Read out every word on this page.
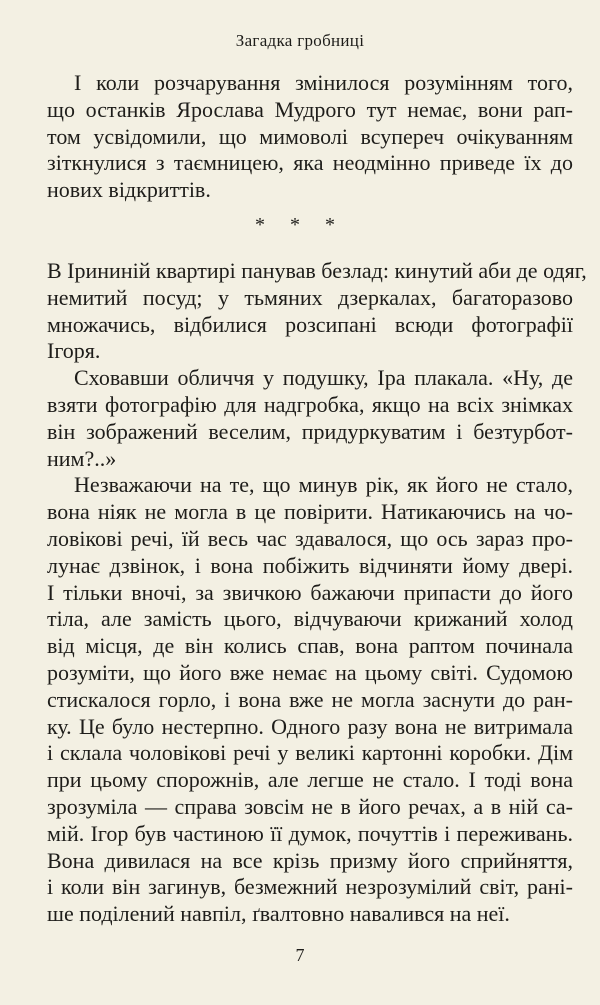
Загадка гробниці
І коли розчарування змінилося розумінням того,
що останків Ярослава Мудрого тут немає, вони рап-
том усвідомили, що мимоволі всупереч очікуванням
зіткнулися з таємницею, яка неодмінно приведе їх до
нових відкриттів.
* * *
В Ірининій квартирі панував безлад: кинутий аби де одяг,
немитий посуд; у тьмяних дзеркалах, багаторазово
множачись, відбилися розсипані всюди фотографії
Ігоря.
Сховавши обличчя у подушку, Іра плакала. «Ну, де
взяти фотографію для надгробка, якщо на всіх знімках
він зображений веселим, придуркуватим і безтурбот-
ним?..»
Незважаючи на те, що минув рік, як його не стало,
вона ніяк не могла в це повірити. Натикаючись на чо-
ловікові речі, їй весь час здавалося, що ось зараз про-
лунає дзвінок, і вона побіжить відчиняти йому двері.
І тільки вночі, за звичкою бажаючи припасти до його
тіла, але замість цього, відчуваючи крижаний холод
від місця, де він колись спав, вона раптом починала
розуміти, що його вже немає на цьому світі. Судомою
стискалося горло, і вона вже не могла заснути до ран-
ку. Це було нестерпно. Одного разу вона не витримала
і склала чоловікові речі у великі картонні коробки. Дім
при цьому спорожнів, але легше не стало. І тоді вона
зрозуміла — справа зовсім не в його речах, а в ній са-
мій. Ігор був частиною її думок, почуттів і переживань.
Вона дивилася на все крізь призму його сприйняття,
і коли він загинув, безмежний незрозумілий світ, рані-
ше поділений навпіл, ґвалтовно навалився на неї.
7
